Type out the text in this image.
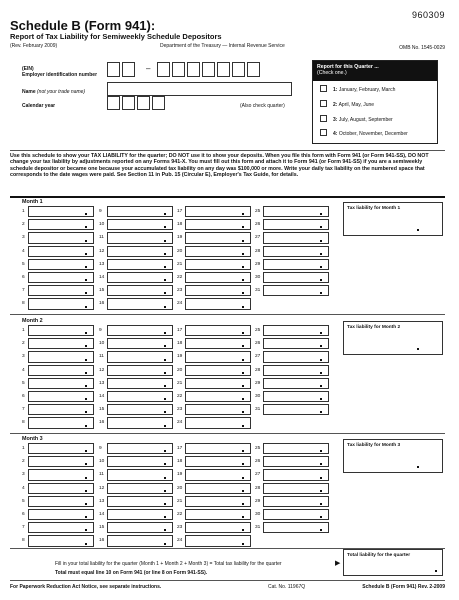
960309
Schedule B (Form 941):
Report of Tax Liability for Semiweekly Schedule Depositors
(Rev. February 2009)	Department of the Treasury — Internal Revenue Service	OMB No. 1545-0029
(EIN)
Employer identification number
–
Name (not your trade name)
Calendar year	(Also check quarter)
Report for this Quarter ...
(Check one.)
1: January, February, March
2: April, May, June
3: July, August, September
4: October, November, December
Use this schedule to show your TAX LIABILITY for the quarter; DO NOT use it to show your deposits. When you file this form with Form 941 (or Form 941-SS), DO NOT change your tax liability by adjustments reported on any Forms 941-X. You must fill out this form and attach it to Form 941 (or Form 941-SS) if you are a semiweekly schedule depositor or became one because your accumulated tax liability on any day was $100,000 or more. Write your daily tax liability on the numbered space that corresponds to the date wages were paid. See Section 11 in Pub. 15 (Circular E), Employer's Tax Guide, for details.
Month 1
1
2
3
4
5
6
7
8
9
10
11
12
13
14
15
16
17
18
19
20
21
22
23
24
25
26
27
28
29
30
31
Tax liability for Month 1
Month 2
1
2
3
4
5
6
7
8
9
10
11
12
13
14
15
16
17
18
19
20
21
22
23
24
25
26
27
28
29
30
31
Tax liability for Month 2
Month 3
1
2
3
4
5
6
7
8
9
10
11
12
13
14
15
16
17
18
19
20
21
22
23
24
25
26
27
28
29
30
31
Tax liability for Month 3
Fill in your total liability for the quarter (Month 1 + Month 2 + Month 3) = Total tax liability for the quarter	▶
Total must equal line 10 on Form 941 (or line 8 on Form 941-SS).
Total liability for the quarter
For Paperwork Reduction Act Notice, see separate instructions.	Cat. No. 11967Q	Schedule B (Form 941) Rev. 2-2009
